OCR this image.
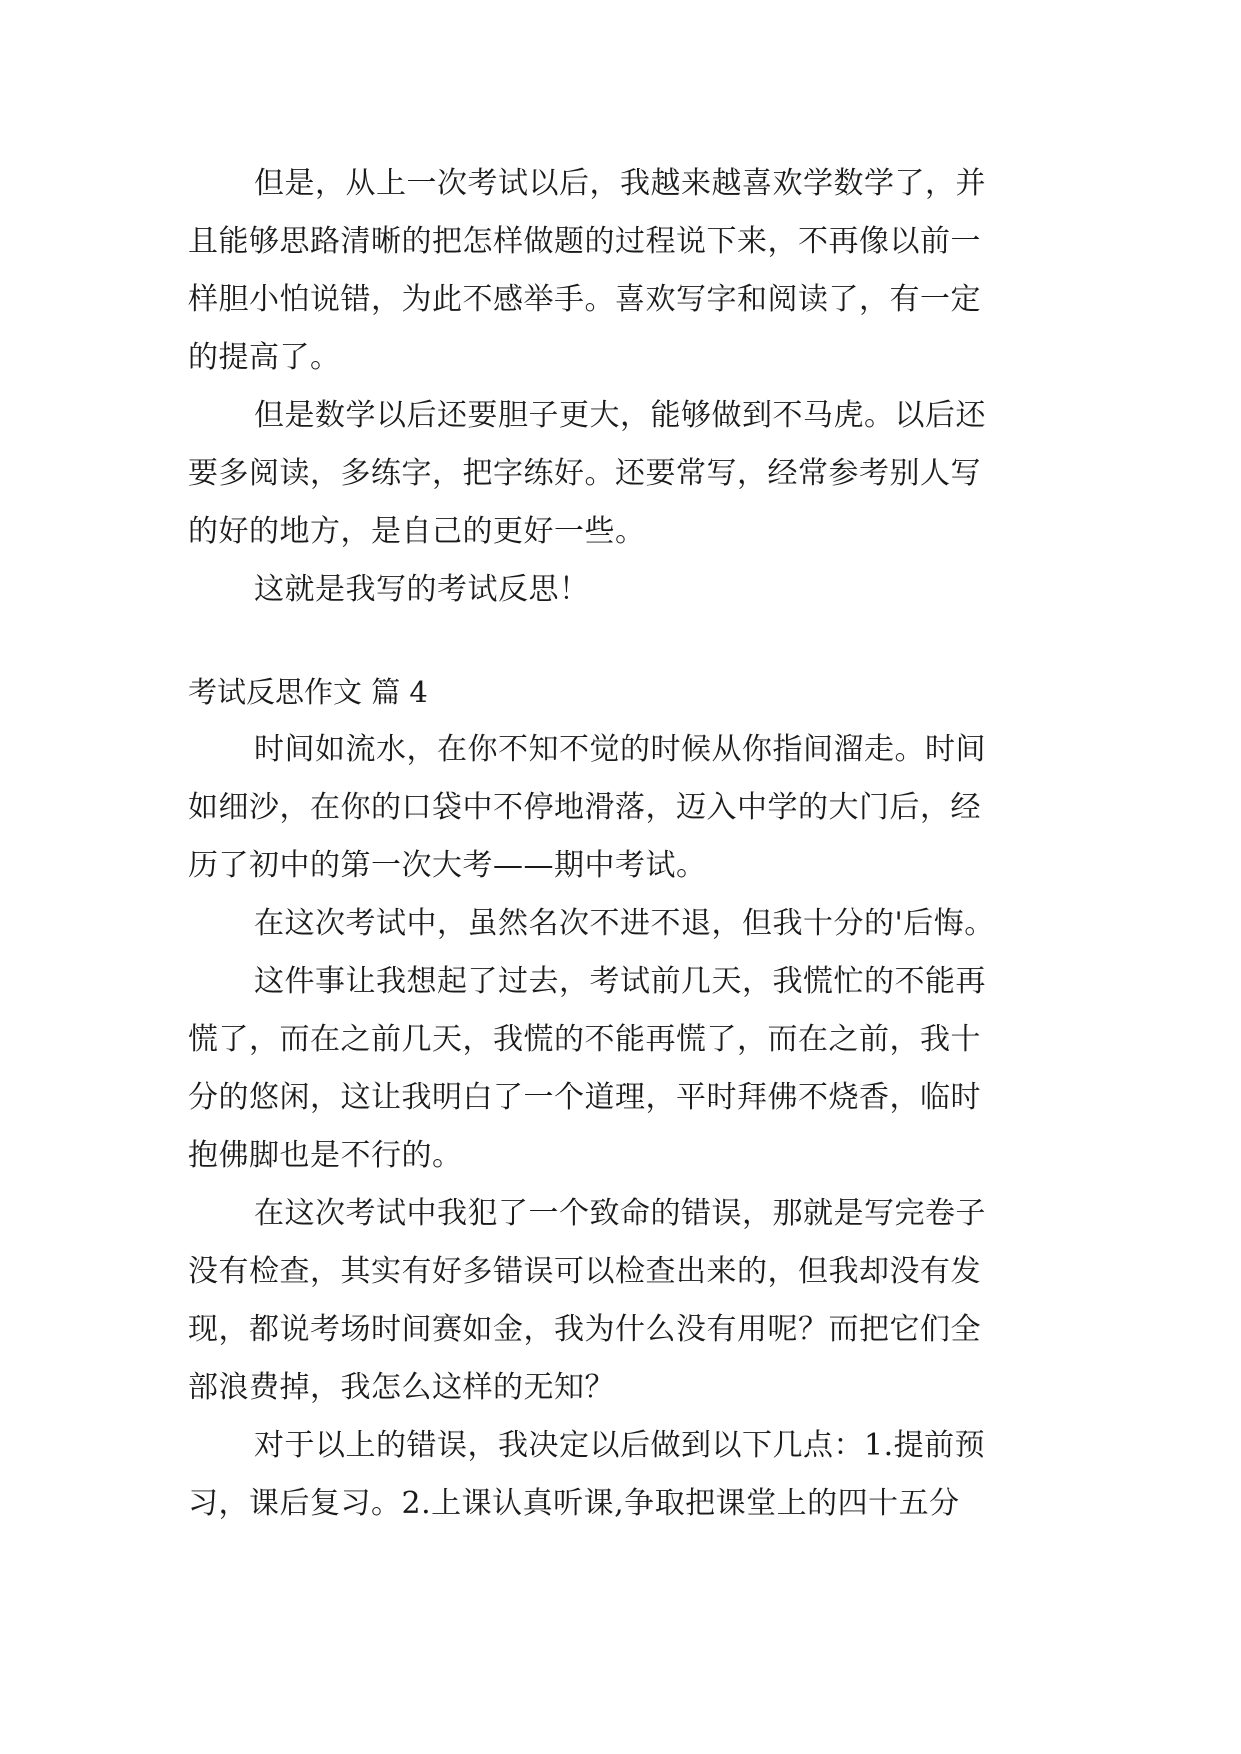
但是，从上一次考试以后，我越来越喜欢学数学了，并
且能够思路清晰的把怎样做题的过程说下来，不再像以前一
样胆小怕说错，为此不感举手。喜欢写字和阅读了，有一定
的提高了。
但是数学以后还要胆子更大，能够做到不马虎。以后还
要多阅读，多练字，把字练好。还要常写，经常参考别人写
的好的地方，是自己的更好一些。
这就是我写的考试反思！
考试反思作文 篇 4
时间如流水，在你不知不觉的时候从你指间溜走。时间
如细沙，在你的口袋中不停地滑落，迈入中学的大门后，经
历了初中的第一次大考——期中考试。
在这次考试中，虽然名次不进不退，但我十分的'后悔。
这件事让我想起了过去，考试前几天，我慌忙的不能再
慌了，而在之前几天，我慌的不能再慌了，而在之前，我十
分的悠闲，这让我明白了一个道理，平时拜佛不烧香，临时
抱佛脚也是不行的。
在这次考试中我犯了一个致命的错误，那就是写完卷子
没有检查，其实有好多错误可以检查出来的，但我却没有发
现，都说考场时间赛如金，我为什么没有用呢？而把它们全
部浪费掉，我怎么这样的无知？
对于以上的错误，我决定以后做到以下几点：1.提前预
习，课后复习。2.上课认真听课,争取把课堂上的四十五分
